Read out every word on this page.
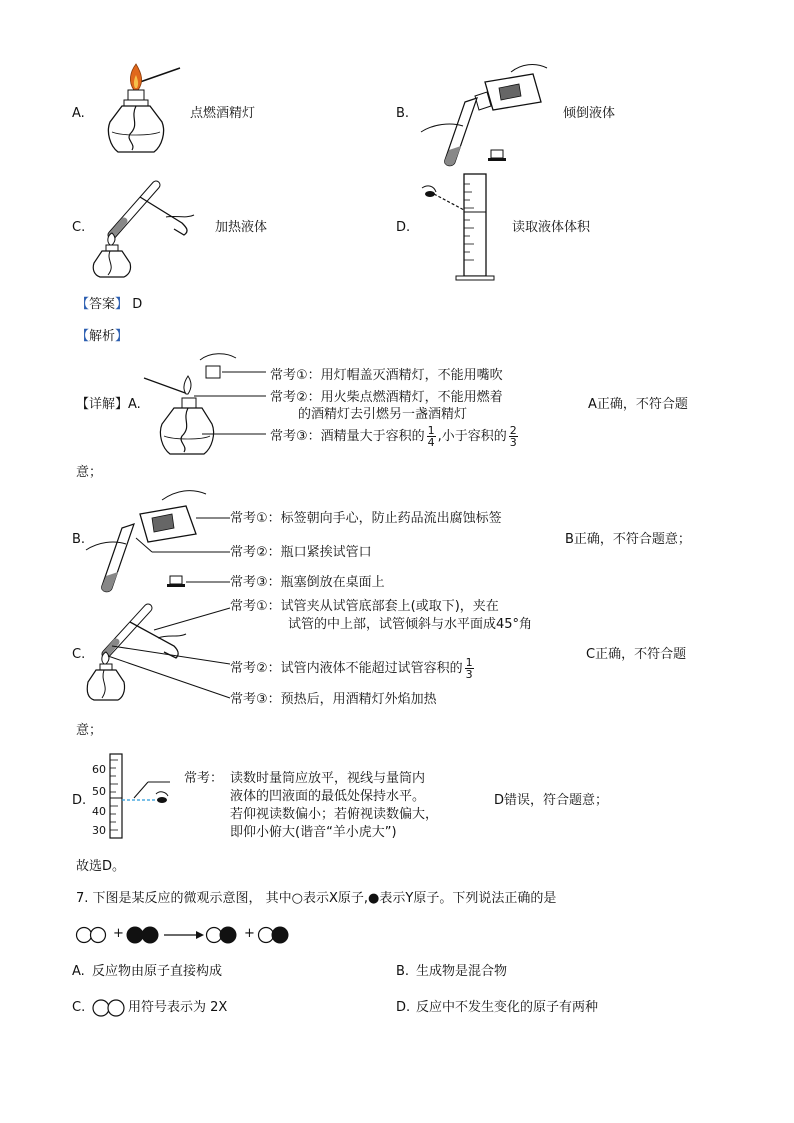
A.	点燃酒精灯	B.	倾倒液体
C.	加热液体	D.	读取液体体积
【答案】 D
【解析】
【详解】 A.
常考①：用灯帽盖灭酒精灯，不能用嘴吹
常考②：用火柴点燃酒精灯，不能用燃着
的酒精灯去引燃另一盏酒精灯
常考③：酒精量大于容积的 $\frac{1}{4}$ ,小于容积的 $\frac{2}{3}$
A正确，不符合题
意；
B.
常考①：标签朝向手心，防止药品流出腐蚀标签
常考②：瓶口紧挨试管口
常考③：瓶塞倒放在桌面上
B正确，不符合题意；
C.
常考①：试管夹从试管底部套上(或取下)，夹在
试管的中上部，试管倾斜与水平面成45°角
常考②：试管内液体不能超过试管容积的 $\frac{1}{3}$
常考③：预热后，用酒精灯外焰加热
C正确，不符合题
意；
D.
60
50
40
30
常考： 读数时量筒应放平，视线与量筒内
液体的凹液面的最低处保持水平。
若仰视读数偏小；若俯视读数偏大，
即仰小俯大(谐音“羊小虎大”)
D错误，符合题意；
故选D。
7. 下图是某反应的微观示意图， 其中○表示X原子,●表示Y原子。下列说法正确的是
+	+
A. 反应物由原子直接构成	B. 生成物是混合物
C.	用符号表示为 2X	D. 反应中不发生变化的原子有两种
